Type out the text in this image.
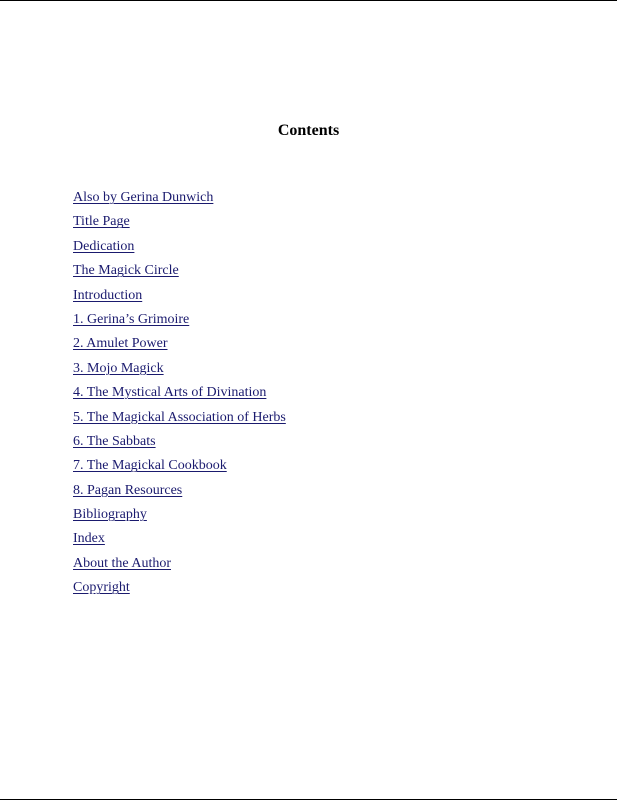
Contents
Also by Gerina Dunwich
Title Page
Dedication
The Magick Circle
Introduction
1. Gerina’s Grimoire
2. Amulet Power
3. Mojo Magick
4. The Mystical Arts of Divination
5. The Magickal Association of Herbs
6. The Sabbats
7. The Magickal Cookbook
8. Pagan Resources
Bibliography
Index
About the Author
Copyright
